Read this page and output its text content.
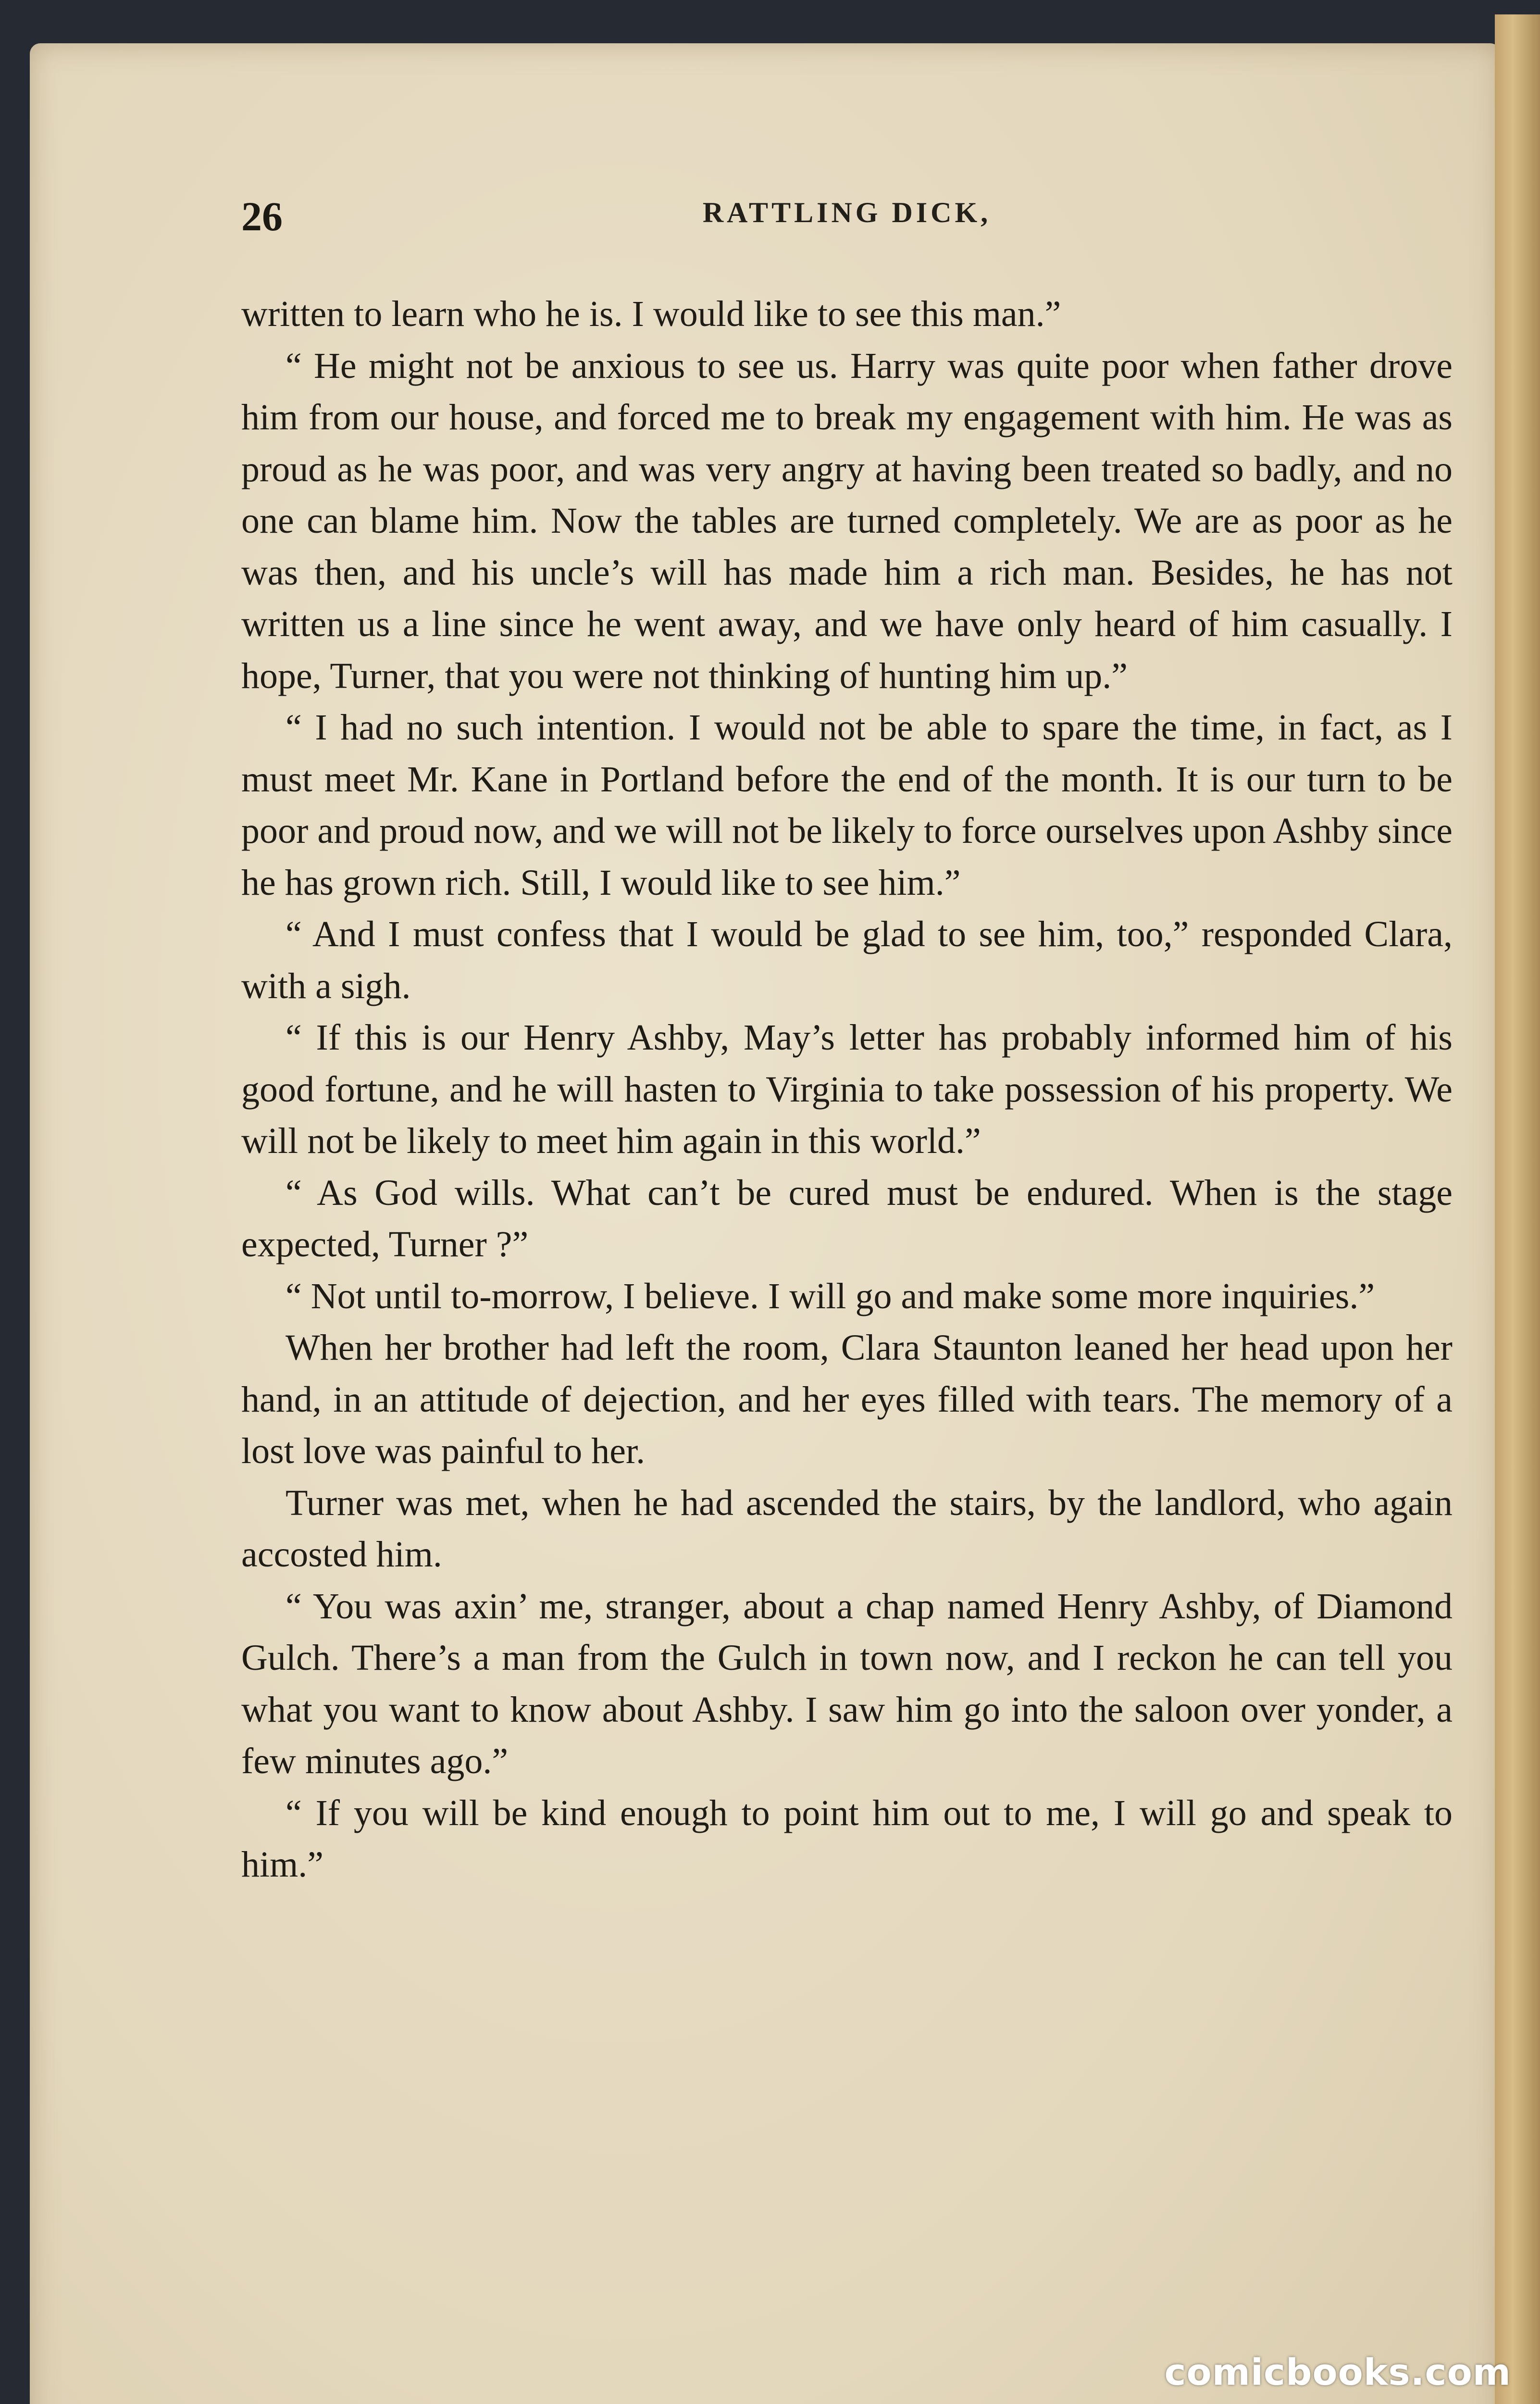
26	RATTLING DICK,

written to learn who he is. I would like to see this man.”

“ He might not be anxious to see us. Harry was quite poor when father drove him from our house, and forced me to break my engagement with him. He was as proud as he was poor, and was very angry at having been treated so badly, and no one can blame him. Now the tables are turned completely. We are as poor as he was then, and his uncle’s will has made him a rich man. Besides, he has not written us a line since he went away, and we have only heard of him casually. I hope, Turner, that you were not thinking of hunting him up.”

“ I had no such intention. I would not be able to spare the time, in fact, as I must meet Mr. Kane in Portland before the end of the month. It is our turn to be poor and proud now, and we will not be likely to force ourselves upon Ashby since he has grown rich. Still, I would like to see him.”

“ And I must confess that I would be glad to see him, too,” responded Clara, with a sigh.

“ If this is our Henry Ashby, May’s letter has probably informed him of his good fortune, and he will hasten to Virginia to take possession of his property. We will not be likely to meet him again in this world.”

“ As God wills. What can’t be cured must be endured. When is the stage expected, Turner ?”

“ Not until to-morrow, I believe. I will go and make some more inquiries.”

When her brother had left the room, Clara Staunton leaned her head upon her hand, in an attitude of dejection, and her eyes filled with tears. The memory of a lost love was painful to her.

Turner was met, when he had ascended the stairs, by the landlord, who again accosted him.

“ You was axin’ me, stranger, about a chap named Henry Ashby, of Diamond Gulch. There’s a man from the Gulch in town now, and I reckon he can tell you what you want to know about Ashby. I saw him go into the saloon over yonder, a few minutes ago.”

“ If you will be kind enough to point him out to me, I will go and speak to him.”

comicbooks.com
